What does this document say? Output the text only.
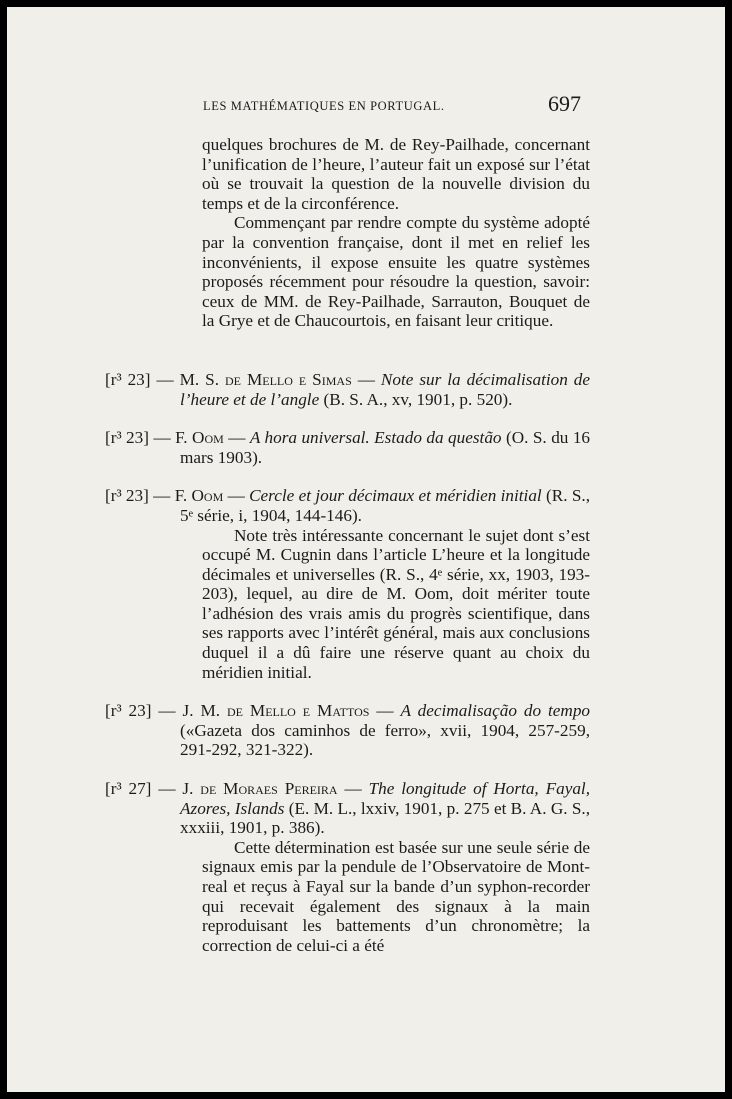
LES MATHÉMATIQUES EN PORTUGAL.	697

quelques brochures de M. de Rey-Pailhade, concernant l’unification de l’heure, l’auteur fait un exposé sur l’état où se trouvait la question de la nouvelle division du temps et de la circonférence.

Commençant par rendre compte du système adopté par la convention française, dont il met en relief les inconvénients, il expose ensuite les quatre systèmes proposés récemment pour résoudre la question, savoir: ceux de MM. de Rey-Pailhade, Sarrauton, Bouquet de la Grye et de Chaucourtois, en faisant leur critique.

[r³ 23] — M. S. de Mello e Simas — Note sur la décimalisation de l’heure et de l’angle (B. S. A., xv, 1901, p. 520).

[r³ 23] — F. Oom — A hora universal. Estado da questão (O. S. du 16 mars 1903).

[r³ 23] — F. Oom — Cercle et jour décimaux et méridien initial (R. S., 5ᵉ série, i, 1904, 144-146).

Note très intéressante concernant le sujet dont s’est occupé M. Cugnin dans l’article L’heure et la longitude décimales et universelles (R. S., 4ᵉ série, xx, 1903, 193-203), lequel, au dire de M. Oom, doit mériter toute l’adhésion des vrais amis du progrès scientifique, dans ses rapports avec l’intérêt général, mais aux conclusions duquel il a dû faire une réserve quant au choix du méridien initial.

[r³ 23] — J. M. de Mello e Mattos — A decimalisação do tempo («Gazeta dos caminhos de ferro», xvii, 1904, 257-259, 291-292, 321-322).

[r³ 27] — J. de Moraes Pereira — The longitude of Horta, Fayal, Azores, Islands (E. M. L., lxxiv, 1901, p. 275 et B. A. G. S., xxxiii, 1901, p. 386).

Cette détermination est basée sur une seule série de signaux emis par la pendule de l’Observatoire de Mont-real et reçus à Fayal sur la bande d’un syphon-recorder qui recevait également des signaux à la main reproduisant les battements d’un chronomètre; la correction de celui-ci a été
